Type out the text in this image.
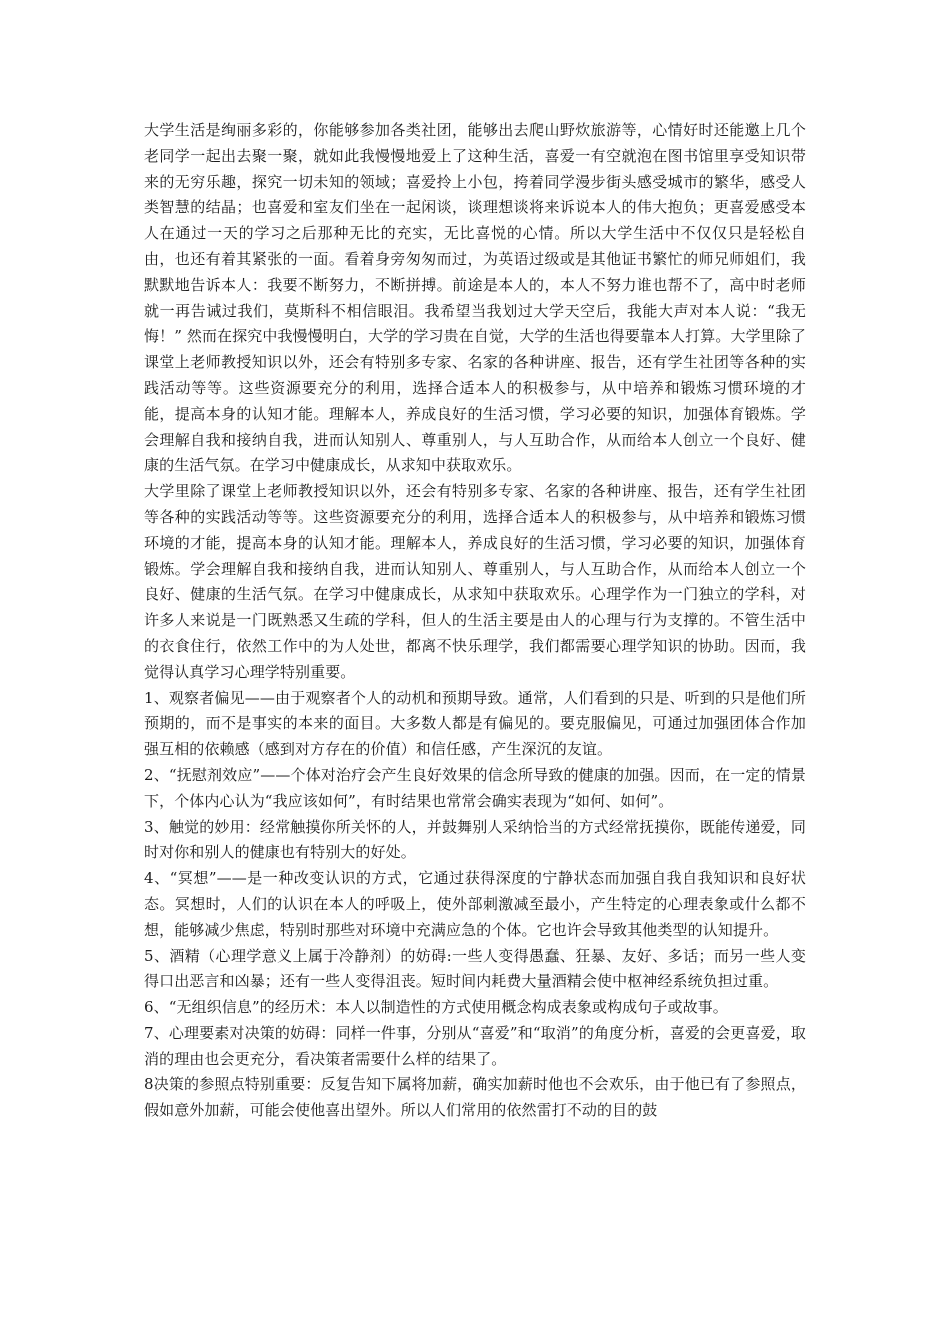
大学生活是绚丽多彩的，你能够参加各类社团，能够出去爬山野炊旅游等，心情好时还能邀上几个老同学一起出去聚一聚，就如此我慢慢地爱上了这种生活，喜爱一有空就泡在图书馆里享受知识带来的无穷乐趣，探究一切未知的领域；喜爱拎上小包，挎着同学漫步街头感受城市的繁华，感受人类智慧的结晶；也喜爱和室友们坐在一起闲谈，谈理想谈将来诉说本人的伟大抱负；更喜爱感受本人在通过一天的学习之后那种无比的充实，无比喜悦的心情。所以大学生活中不仅仅只是轻松自由，也还有着其紧张的一面。看着身旁匆匆而过，为英语过级或是其他证书繁忙的师兄师姐们，我默默地告诉本人：我要不断努力，不断拼搏。前途是本人的，本人不努力谁也帮不了，高中时老师就一再告诫过我们，莫斯科不相信眼泪。我希望当我划过大学天空后，我能大声对本人说：“我无悔！” 然而在探究中我慢慢明白，大学的学习贵在自觉，大学的生活也得要靠本人打算。大学里除了课堂上老师教授知识以外，还会有特别多专家、名家的各种讲座、报告，还有学生社团等各种的实践活动等等。这些资源要充分的利用，选择合适本人的积极参与，从中培养和锻炼习惯环境的才能，提高本身的认知才能。理解本人，养成良好的生活习惯，学习必要的知识，加强体育锻炼。学会理解自我和接纳自我，进而认知别人、尊重别人，与人互助合作，从而给本人创立一个良好、健康的生活气氛。在学习中健康成长，从求知中获取欢乐。

大学里除了课堂上老师教授知识以外，还会有特别多专家、名家的各种讲座、报告，还有学生社团等各种的实践活动等等。这些资源要充分的利用，选择合适本人的积极参与，从中培养和锻炼习惯环境的才能，提高本身的认知才能。理解本人，养成良好的生活习惯，学习必要的知识，加强体育锻炼。学会理解自我和接纳自我，进而认知别人、尊重别人，与人互助合作，从而给本人创立一个良好、健康的生活气氛。在学习中健康成长，从求知中获取欢乐。心理学作为一门独立的学科，对许多人来说是一门既熟悉又生疏的学科，但人的生活主要是由人的心理与行为支撑的。不管生活中的衣食住行，依然工作中的为人处世，都离不快乐理学，我们都需要心理学知识的协助。因而，我觉得认真学习心理学特别重要。

1、观察者偏见——由于观察者个人的动机和预期导致。通常，人们看到的只是、听到的只是他们所预期的，而不是事实的本来的面目。大多数人都是有偏见的。要克服偏见，可通过加强团体合作加强互相的依赖感（感到对方存在的价值）和信任感，产生深沉的友谊。

2、“抚慰剂效应”——个体对治疗会产生良好效果的信念所导致的健康的加强。因而，在一定的情景下，个体内心认为“我应该如何”，有时结果也常常会确实表现为“如何、如何”。

3、触觉的妙用：经常触摸你所关怀的人，并鼓舞别人采纳恰当的方式经常抚摸你，既能传递爱，同时对你和别人的健康也有特别大的好处。

4、“冥想”——是一种改变认识的方式，它通过获得深度的宁静状态而加强自我自我知识和良好状态。冥想时，人们的认识在本人的呼吸上，使外部刺激减至最小，产生特定的心理表象或什么都不想，能够减少焦虑，特别时那些对环境中充满应急的个体。它也许会导致其他类型的认知提升。

5、酒精（心理学意义上属于冷静剂）的妨碍:一些人变得愚蠢、狂暴、友好、多话；而另一些人变得口出恶言和凶暴；还有一些人变得沮丧。短时间内耗费大量酒精会使中枢神经系统负担过重。

6、“无组织信息”的经历术：本人以制造性的方式使用概念构成表象或构成句子或故事。

7、心理要素对决策的妨碍：同样一件事，分别从“喜爱”和“取消”的角度分析，喜爱的会更喜爱，取消的理由也会更充分，看决策者需要什么样的结果了。

8决策的参照点特别重要：反复告知下属将加薪，确实加薪时他也不会欢乐，由于他已有了参照点，假如意外加薪，可能会使他喜出望外。所以人们常用的依然雷打不动的目的鼓
